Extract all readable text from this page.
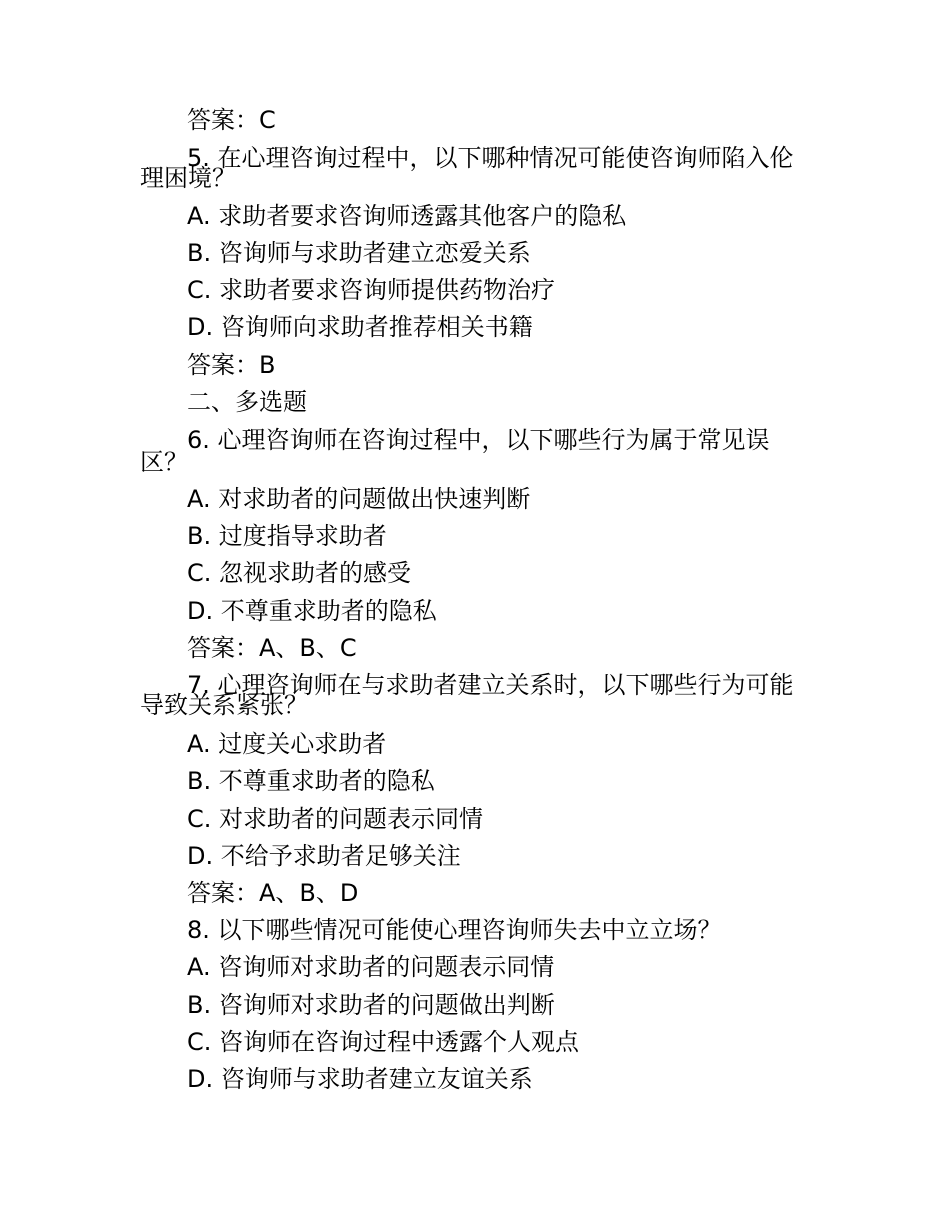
答案：C
5. 在心理咨询过程中，以下哪种情况可能使咨询师陷入伦
理困境？
A. 求助者要求咨询师透露其他客户的隐私
B. 咨询师与求助者建立恋爱关系
C. 求助者要求咨询师提供药物治疗
D. 咨询师向求助者推荐相关书籍
答案：B
二、多选题
6. 心理咨询师在咨询过程中，以下哪些行为属于常见误
区？
A. 对求助者的问题做出快速判断
B. 过度指导求助者
C. 忽视求助者的感受
D. 不尊重求助者的隐私
答案：A、B、C
7. 心理咨询师在与求助者建立关系时，以下哪些行为可能
导致关系紧张？
A. 过度关心求助者
B. 不尊重求助者的隐私
C. 对求助者的问题表示同情
D. 不给予求助者足够关注
答案：A、B、D
8. 以下哪些情况可能使心理咨询师失去中立立场？
A. 咨询师对求助者的问题表示同情
B. 咨询师对求助者的问题做出判断
C. 咨询师在咨询过程中透露个人观点
D. 咨询师与求助者建立友谊关系
